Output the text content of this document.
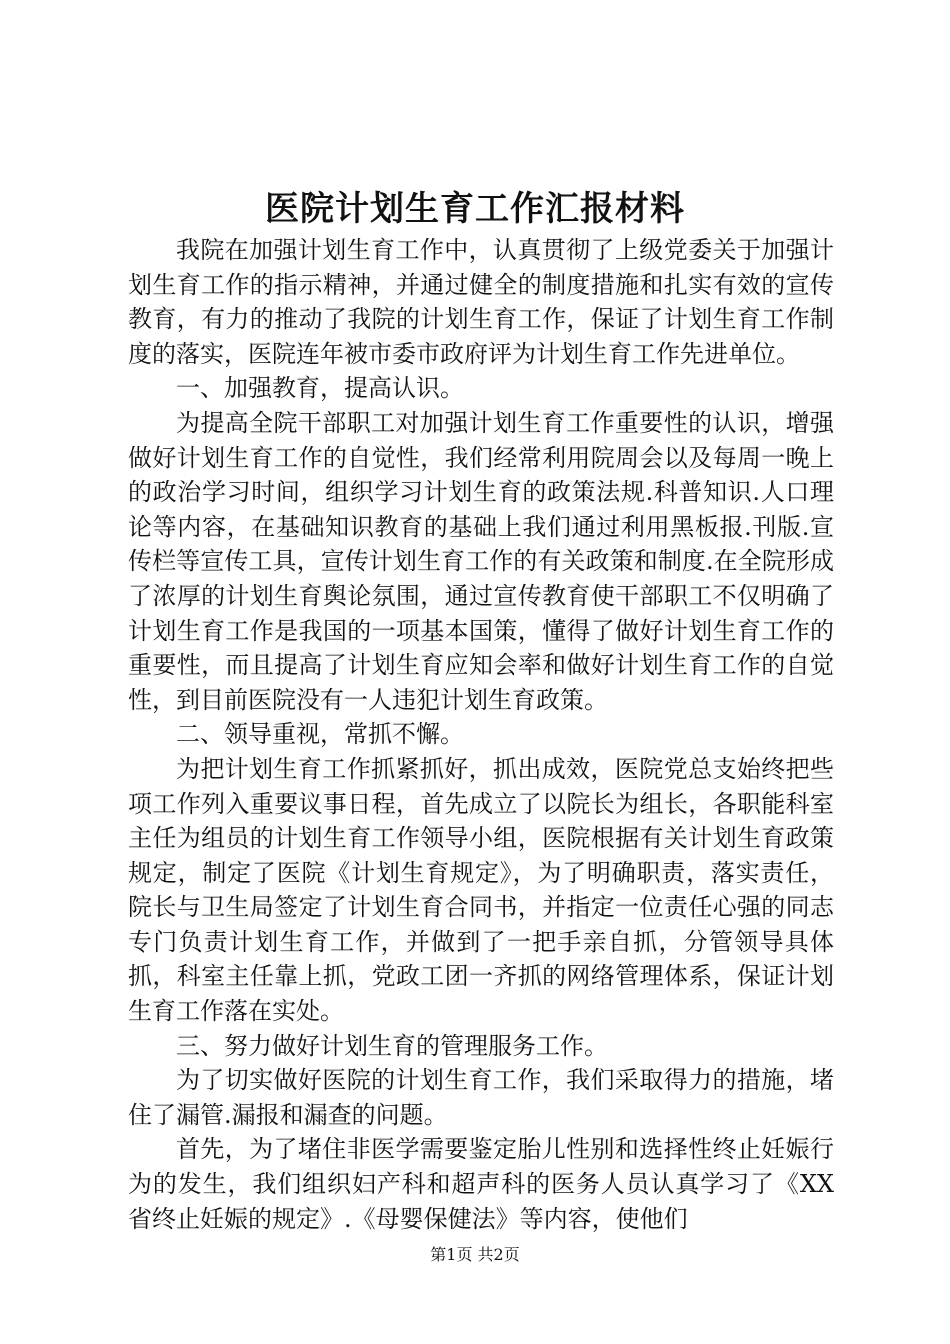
医院计划生育工作汇报材料

我院在加强计划生育工作中，认真贯彻了上级党委关于加强计划生育工作的指示精神，并通过健全的制度措施和扎实有效的宣传教育，有力的推动了我院的计划生育工作，保证了计划生育工作制度的落实，医院连年被市委市政府评为计划生育工作先进单位。

一、加强教育，提高认识。

为提高全院干部职工对加强计划生育工作重要性的认识，增强做好计划生育工作的自觉性，我们经常利用院周会以及每周一晚上的政治学习时间，组织学习计划生育的政策法规.科普知识.人口理论等内容，在基础知识教育的基础上我们通过利用黑板报.刊版.宣传栏等宣传工具，宣传计划生育工作的有关政策和制度.在全院形成了浓厚的计划生育舆论氛围，通过宣传教育使干部职工不仅明确了计划生育工作是我国的一项基本国策，懂得了做好计划生育工作的重要性，而且提高了计划生育应知会率和做好计划生育工作的自觉性，到目前医院没有一人违犯计划生育政策。

二、领导重视，常抓不懈。

为把计划生育工作抓紧抓好，抓出成效，医院党总支始终把些项工作列入重要议事日程，首先成立了以院长为组长，各职能科室主任为组员的计划生育工作领导小组，医院根据有关计划生育政策规定，制定了医院《计划生育规定》，为了明确职责，落实责任，院长与卫生局签定了计划生育合同书，并指定一位责任心强的同志专门负责计划生育工作，并做到了一把手亲自抓，分管领导具体抓，科室主任靠上抓，党政工团一齐抓的网络管理体系，保证计划生育工作落在实处。

三、努力做好计划生育的管理服务工作。

为了切实做好医院的计划生育工作，我们采取得力的措施，堵住了漏管.漏报和漏查的问题。

首先，为了堵住非医学需要鉴定胎儿性别和选择性终止妊娠行为的发生，我们组织妇产科和超声科的医务人员认真学习了《XX省终止妊娠的规定》.《母婴保健法》等内容，使他们

第1页 共2页
